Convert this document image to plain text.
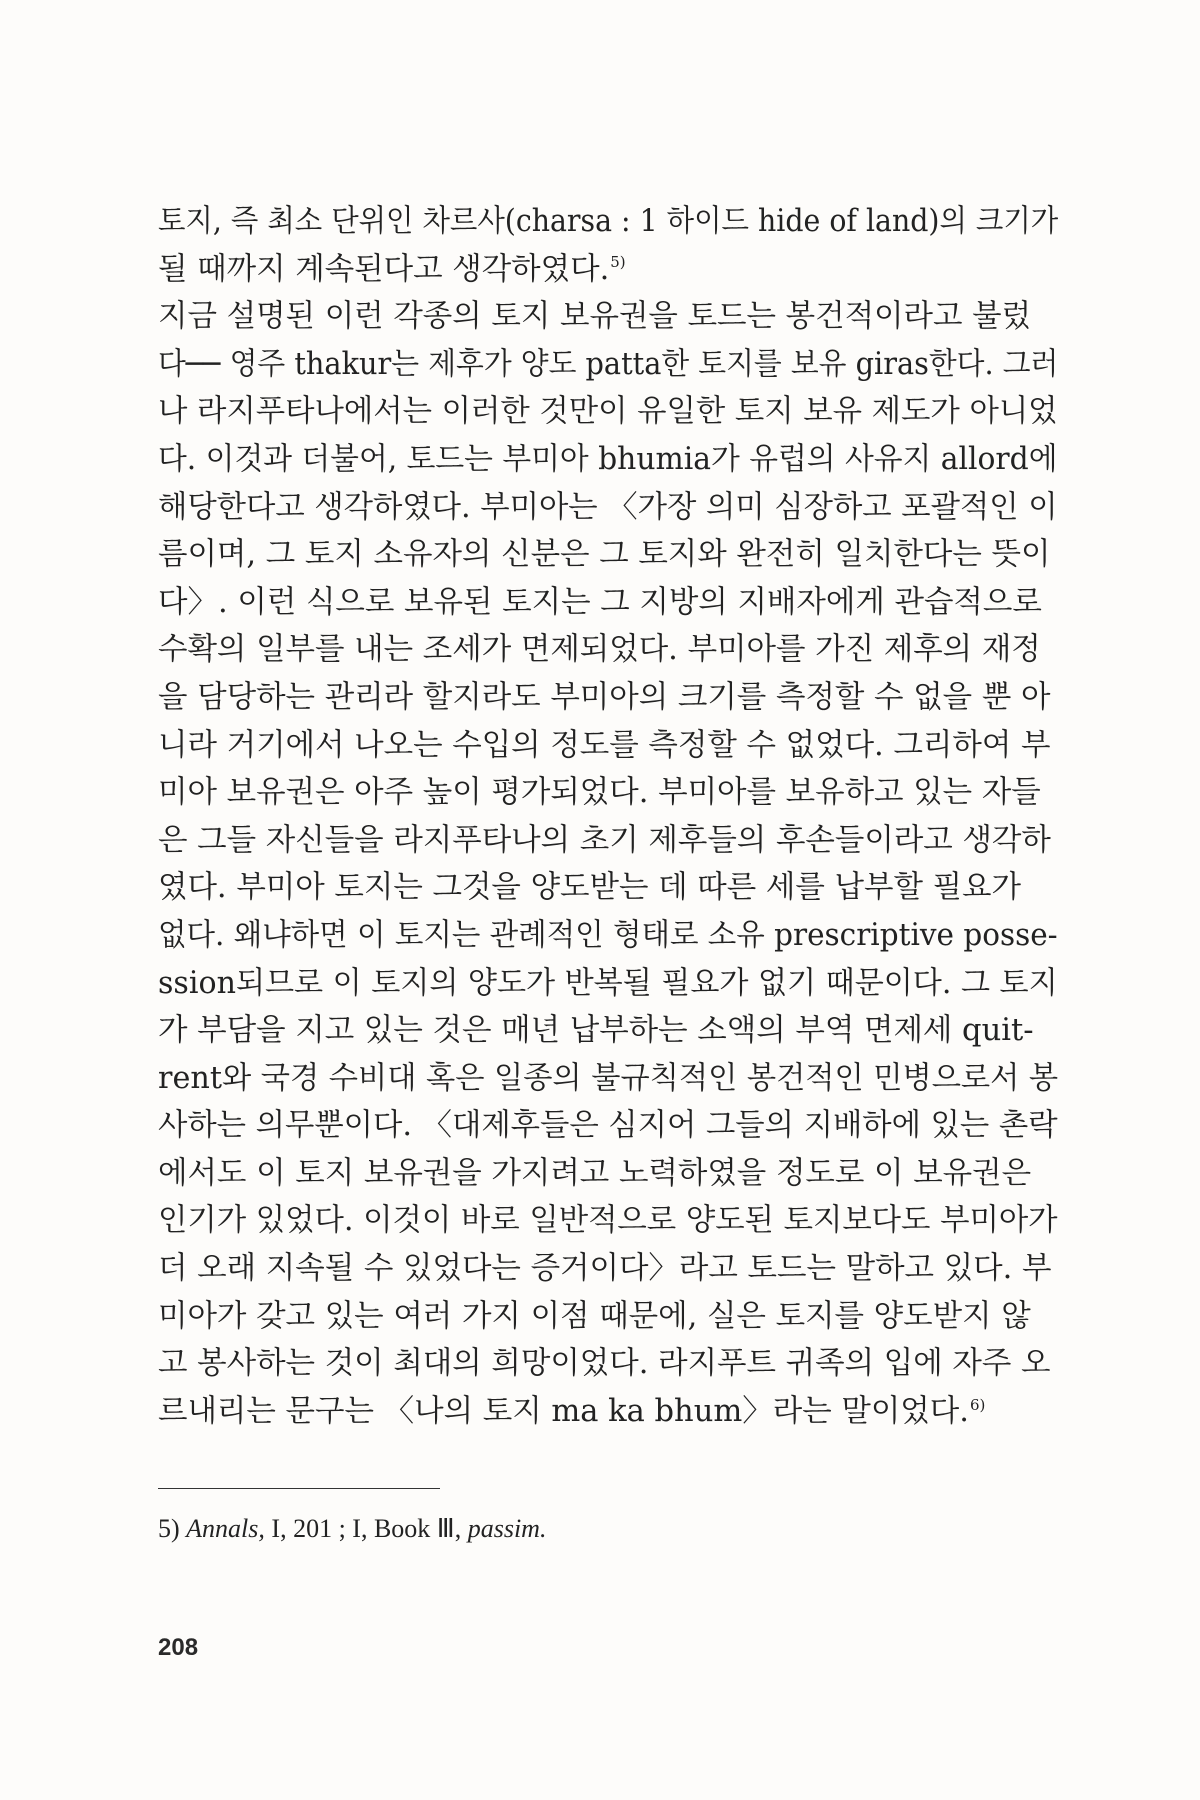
토지, 즉 최소 단위인 차르사(charsa : 1 하이드 hide of land)의 크기가
될 때까지 계속된다고 생각하였다.$^{5)}$
지금 설명된 이런 각종의 토지 보유권을 토드는 봉건적이라고 불렀
다── 영주 thakur는 제후가 양도 patta한 토지를 보유 giras한다. 그러
나 라지푸타나에서는 이러한 것만이 유일한 토지 보유 제도가 아니었
다. 이것과 더불어, 토드는 부미아 bhumia가 유럽의 사유지 allord에
해당한다고 생각하였다. 부미아는 〈가장 의미 심장하고 포괄적인 이
름이며, 그 토지 소유자의 신분은 그 토지와 완전히 일치한다는 뜻이
다〉. 이런 식으로 보유된 토지는 그 지방의 지배자에게 관습적으로
수확의 일부를 내는 조세가 면제되었다. 부미아를 가진 제후의 재정
을 담당하는 관리라 할지라도 부미아의 크기를 측정할 수 없을 뿐 아
니라 거기에서 나오는 수입의 정도를 측정할 수 없었다. 그리하여 부
미아 보유권은 아주 높이 평가되었다. 부미아를 보유하고 있는 자들
은 그들 자신들을 라지푸타나의 초기 제후들의 후손들이라고 생각하
였다. 부미아 토지는 그것을 양도받는 데 따른 세를 납부할 필요가
없다. 왜냐하면 이 토지는 관례적인 형태로 소유 prescriptive posse-
ssion되므로 이 토지의 양도가 반복될 필요가 없기 때문이다. 그 토지
가 부담을 지고 있는 것은 매년 납부하는 소액의 부역 면제세 quit-
rent와 국경 수비대 혹은 일종의 불규칙적인 봉건적인 민병으로서 봉
사하는 의무뿐이다. 〈대제후들은 심지어 그들의 지배하에 있는 촌락
에서도 이 토지 보유권을 가지려고 노력하였을 정도로 이 보유권은
인기가 있었다. 이것이 바로 일반적으로 양도된 토지보다도 부미아가
더 오래 지속될 수 있었다는 증거이다〉라고 토드는 말하고 있다. 부
미아가 갖고 있는 여러 가지 이점 때문에, 실은 토지를 양도받지 않
고 봉사하는 것이 최대의 희망이었다. 라지푸트 귀족의 입에 자주 오
르내리는 문구는 〈나의 토지 ma ka bhum〉라는 말이었다.$^{6)}$
5) Annals, I, 201 ; I, Book Ⅲ, passim.
208
